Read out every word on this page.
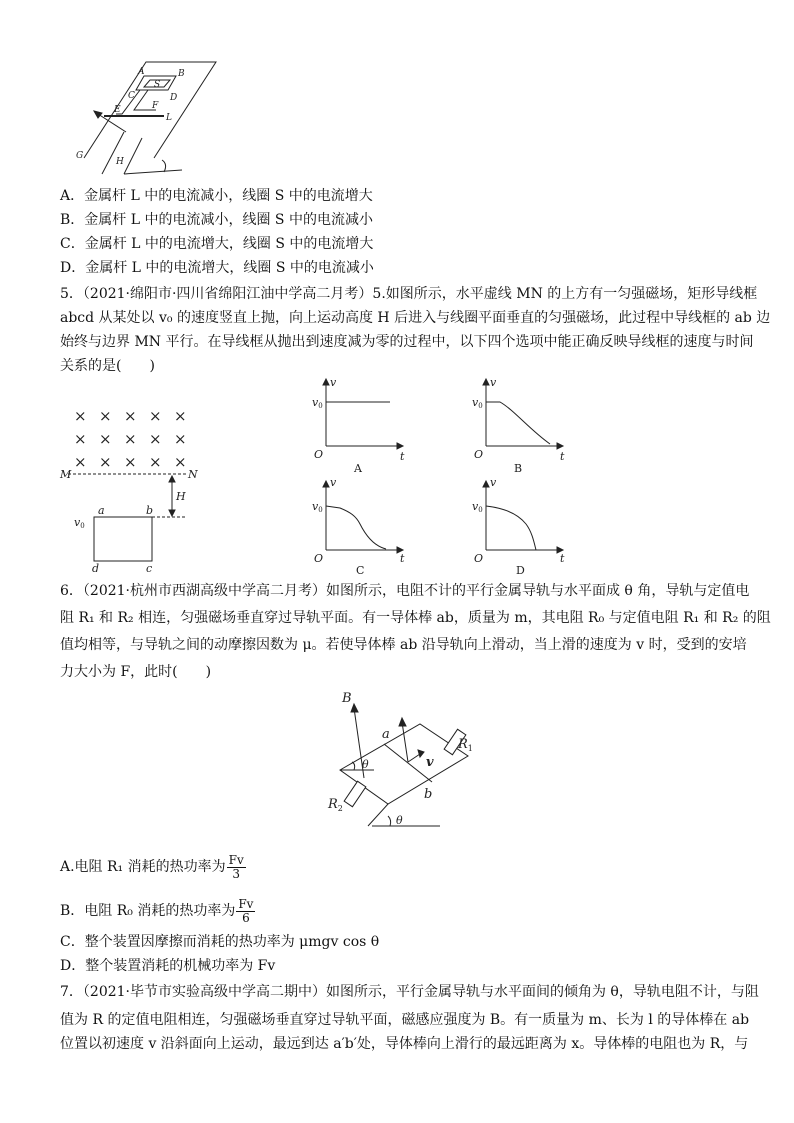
A	B
C	D
S
E	F
L
G
H
A．金属杆 L 中的电流减小，线圈 S 中的电流增大
B．金属杆 L 中的电流减小，线圈 S 中的电流减小
C．金属杆 L 中的电流增大，线圈 S 中的电流增大
D．金属杆 L 中的电流增大，线圈 S 中的电流减小
5．（2021·绵阳市·四川省绵阳江油中学高二月考）5.如图所示，水平虚线 MN 的上方有一匀强磁场，矩形导线框
abcd 从某处以 v₀ 的速度竖直上抛，向上运动高度 H 后进入与线圈平面垂直的匀强磁场，此过程中导线框的 ab 边
始终与边界 MN 平行。在导线框从抛出到速度减为零的过程中，以下四个选项中能正确反映导线框的速度与时间
关系的是(　　)
× × × × ×
× × × × ×
× × × × ×
M	N
H
v0
a	b
c
d
v
t
O
v0
A
v
t
O
v0
B
v
t
O
v0
C
v
t
O
v0
D
6．（2021·杭州市西湖高级中学高二月考）如图所示，电阻不计的平行金属导轨与水平面成 θ 角，导轨与定值电
阻 R₁ 和 R₂ 相连，匀强磁场垂直穿过导轨平面。有一导体棒 ab，质量为 m，其电阻 R₀ 与定值电阻 R₁ 和 R₂ 的阻
值均相等，与导轨之间的动摩擦因数为 μ。若使导体棒 ab 沿导轨向上滑动，当上滑的速度为 v 时，受到的安培
力大小为 F，此时(　　)
B
a
b
v
θ
θ
$R_1$
$R_2$
A.电阻 R₁ 消耗的热功率为 $\frac{Fv}{3}$
B．电阻 R₀ 消耗的热功率为 $\frac{Fv}{6}$
C．整个装置因摩擦而消耗的热功率为 μmgv cos θ
D．整个装置消耗的机械功率为 Fv
7．（2021·毕节市实验高级中学高二期中）如图所示，平行金属导轨与水平面间的倾角为 θ，导轨电阻不计，与阻
值为 R 的定值电阻相连，匀强磁场垂直穿过导轨平面，磁感应强度为 B。有一质量为 m、长为 l 的导体棒在 ab
位置以初速度 v 沿斜面向上运动，最远到达 a′b′处，导体棒向上滑行的最远距离为 x。导体棒的电阻也为 R，与
